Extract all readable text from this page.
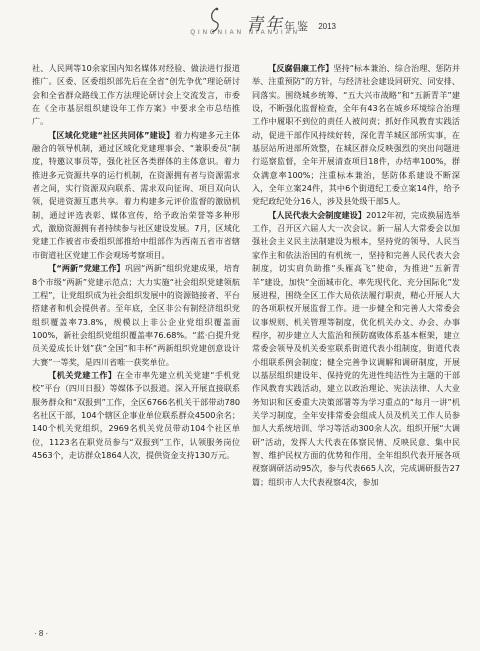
青年年鉴
QINGNIAN NIANJIAN
2013

社、人民网等10余家国内知名媒体对经验、做法进行报道推广。区委、区委组织部先后在全省“创先争优”理论研讨会和全省群众路线工作方法理论研讨会上交流发言，市委在《全市基层组织建设年工作方案》中要求全市总结推广。

【区域化党建“社区共同体”建设】着力构建多元主体融合的领导机制，通过区域化党建理事会、“兼职委员”制度，特邀议事员等，强化社区各类群体的主体意识。着力推进多元资源共享的运行机制，在资源拥有者与资源需求者之间，实行资源双向联系、需求双向征询、项目双向认领，促进资源互惠共享。着力构建多元评价监督的激励机制，通过评选表彰、媒体宣传，给予政治荣誉等多种形式，激励资源拥有者持续参与社区建设发展。7月，区域化党建工作被省市委组织部推给中组部作为西南五省市省辖市街道社区党建工作会观场考察项目。

【“两新”党建工作】巩固“两新”组织党建成果，培育8个市级“两新”党建示范点；大力实施“社会组织党建领航工程”，让党组织成为社会组织发展中的资源链接者、平台搭建者和机会提供者。至年底，全区非公有制经济组织党组织覆盖率73.8%，规模以上非公企业党组织覆盖面100%，新社会组织党组织覆盖率76.68%。“蓝·白提升党员关爱成长计划”获“全国”和丰杯“两新组织党建创意设计大赛”一等奖，是四川省唯一获奖单位。

【机关党建工作】在全市率先建立机关党建“手机党校”平台（四川日报）等媒体予以报道。深入开展直接联系服务群众和“双报到”工作，全区6766名机关干部带动780名社区干部，104个辖区企事业单位联系群众4500余名；140个机关党组织，2969名机关党员带动104个社区单位，1123名在职党员参与“双报到”工作，认领服务岗位4563个，走访群众1864人次，提供资金支持130万元。

【反腐倡廉工作】坚持“标本兼治、综合治理、惩防并举、注重预防”的方针，与经济社会建设同研究、同安排、同落实。围绕城乡统筹、“五大兴市战略”和“五新青羊”建设，不断强化监督检查，全年有43名在城乡环境综合治理工作中履职不到位的责任人被问责；抓好作风教育实践活动，促进干部作风持续好转，深化青羊城区部所实事，在基层站所进部所效整，在城区群众反映强烈的突出问题进行巡察监督，全年开展清查项目18件，办结率100%，群众满意率100%；注重标本兼治，惩防体系建设不断深入，全年立案24件，其中6个街道纪工委立案14件，给予党纪政纪处分16人，涉及县处级干部5人。

【人民代表大会制度建设】2012年初，完成换届选举工作，召开区六届人大一次会议。新一届人大常委会以加强社会主义民主法制建设为根本，坚持党的领导、人民当家作主和依法治国的有机统一，坚持和完善人民代表大会制度，切实肩负助推“头雁高飞”使命，为推进“五新青羊”建设，加快“全面城市化、率先现代化、充分国际化”发展进程，围绕全区工作大局依法履行职责，精心开展人大的各项职权开展监督工作。进一步健全和完善人大常委会议事规则、机关管理等制度，优化机关办文、办会、办事程序，初步建立人大监治和预防腐败体系基本框架，建立常委会领导及机关委室联系街道代表小组制度，街道代表小组联系例会制度；健全完善争议调解和调研制度，开展以基层组织建设年、保持党的先进性纯洁性为主题的干部作风教育实践活动，建立以政治理论、宪法法律、人大业务知识和区委重大决策部署等为学习重点的“每月一讲”机关学习制度，全年安排常委会组成人员及机关工作人员参加人大系统培训、学习等活动300余人次。组织开展“大调研”活动，发挥人大代表在体察民情、反映民意、集中民智、维护民权方面的优势和作用，全年组织代表开展各项视察调研活动95次，参与代表665人次，完成调研报告27篇；组织市人大代表视察4次，参加

· 8 ·
